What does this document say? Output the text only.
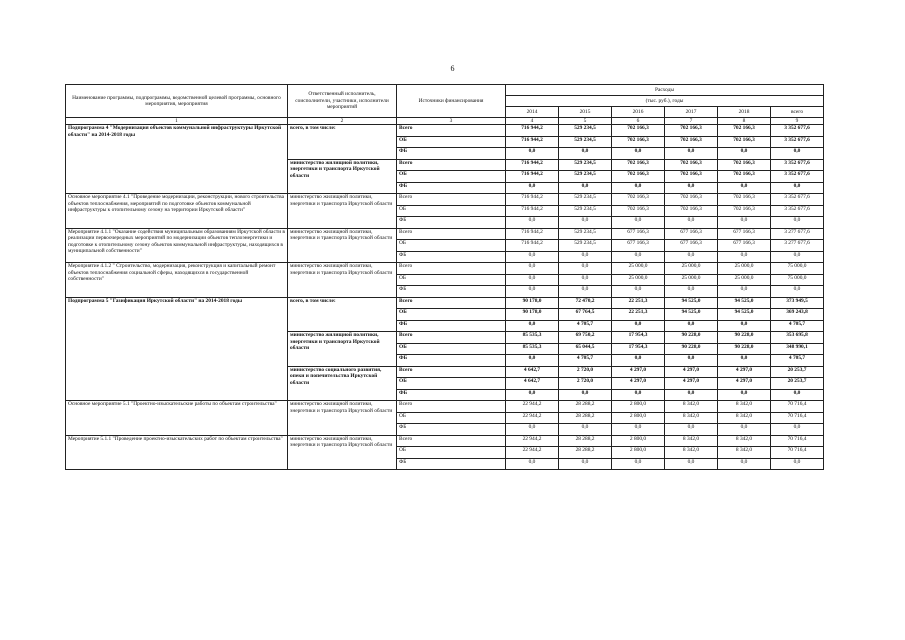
6
Наименование программы, подпрограммы, ведомственной целевой программы, основного мероприятия, мероприятия	Ответственный исполнитель, соисполнители, участники, исполнители мероприятий	Источники финансирования	Расходы					
			(тыс. руб.), годы					
			2014	2015	2016	2017	2018	всего
1	2	3	4	5	6	7	8	9
Подпрограмма 4 "Модернизация объектов коммунальной инфраструктуры Иркутской области" на 2014-2018 годы	всего, в том числе:	Всего	716 944,2	529 234,5	702 166,3	702 166,3	702 166,3	3 352 677,6
		ОБ	716 944,2	529 234,5	702 166,3	702 166,3	702 166,3	3 352 677,6
		ФБ	0,0	0,0	0,0	0,0	0,0	0,0
	министерство жилищной политики, энергетики и транспорта Иркутской области	Всего	716 944,2	529 234,5	702 166,3	702 166,3	702 166,3	3 352 677,6
		ОБ	716 944,2	529 234,5	702 166,3	702 166,3	702 166,3	3 352 677,6
		ФБ	0,0	0,0	0,0	0,0	0,0	0,0
Основное мероприятие 4.1 "Проведение модернизации, реконструкции, нового строительства объектов теплоснабжения, мероприятий по подготовке объектов коммунальной инфраструктуры к отопительному сезону на территории Иркутской области"	министерство жилищной политики, энергетики и транспорта Иркутской области	Всего	716 944,2	529 234,5	702 166,3	702 166,3	702 166,3	3 352 677,6
		ОБ	716 944,2	529 234,5	702 166,3	702 166,3	702 166,3	3 352 677,6
		ФБ	0,0	0,0	0,0	0,0	0,0	0,0
Мероприятие 4.1.1 "Оказание содействия муниципальным образованиям Иркутской области в реализации первоочередных мероприятий по модернизации объектов теплоэнергетики и подготовке к отопительному сезону объектов коммунальной инфраструктуры, находящихся в муниципальной собственности"	министерство жилищной политики, энергетики и транспорта Иркутской области	Всего	716 944,2	529 234,5	677 166,3	677 166,3	677 166,3	3 277 677,6
		ОБ	716 944,2	529 234,5	677 166,3	677 166,3	677 166,3	3 277 677,6
		ФБ	0,0	0,0	0,0	0,0	0,0	0,0
Мероприятие 4.1.2 " Строительство, модернизация, реконструкция и капитальный ремонт объектов теплоснабжения социальной сферы, находящихся в государственной собственности"	министерство жилищной политики, энергетики и транспорта Иркутской области	Всего	0,0	0,0	25 000,0	25 000,0	25 000,0	75 000,0
		ОБ	0,0	0,0	25 000,0	25 000,0	25 000,0	75 000,0
		ФБ	0,0	0,0	0,0	0,0	0,0	0,0
Подпрограмма 5 "Газификация Иркутской области" на 2014-2018 годы	всего, в том числе:	Всего	90 178,0	72 470,2	22 251,3	94 525,0	94 525,0	373 949,5
		ОБ	90 178,0	67 764,5	22 251,3	94 525,0	94 525,0	369 243,8
		ФБ	0,0	4 705,7	0,0	0,0	0,0	4 705,7
	министерство жилищной политики, энергетики и транспорта Иркутской области	Всего	85 535,3	69 750,2	17 954,3	90 228,0	90 228,0	353 695,8
		ОБ	85 535,3	65 044,5	17 954,3	90 228,0	90 228,0	348 990,1
		ФБ	0,0	4 705,7	0,0	0,0	0,0	4 705,7
	министерство социального развития, опеки и попечительства Иркутской области	Всего	4 642,7	2 720,0	4 297,0	4 297,0	4 297,0	20 253,7
		ОБ	4 642,7	2 720,0	4 297,0	4 297,0	4 297,0	20 253,7
		ФБ	0,0	0,0	0,0	0,0	0,0	0,0
Основное мероприятие 5.1 "Проектно-изыскательские работы по объектам строительства"	министерство жилищной политики, энергетики и транспорта Иркутской области	Всего	22 944,2	28 288,2	2 800,0	8 342,0	8 342,0	70 716,4
		ОБ	22 944,2	28 288,2	2 800,0	8 342,0	8 342,0	70 716,4
		ФБ	0,0	0,0	0,0	0,0	0,0	0,0
Мероприятие 5.1.1 "Проведение проектно-изыскательских работ по объектам строительства"	министерство жилищной политики, энергетики и транспорта Иркутской области	Всего	22 944,2	28 288,2	2 800,0	8 342,0	8 342,0	70 716,4
		ОБ	22 944,2	28 288,2	2 800,0	8 342,0	8 342,0	70 716,4
		ФБ	0,0	0,0	0,0	0,0	0,0	0,0
